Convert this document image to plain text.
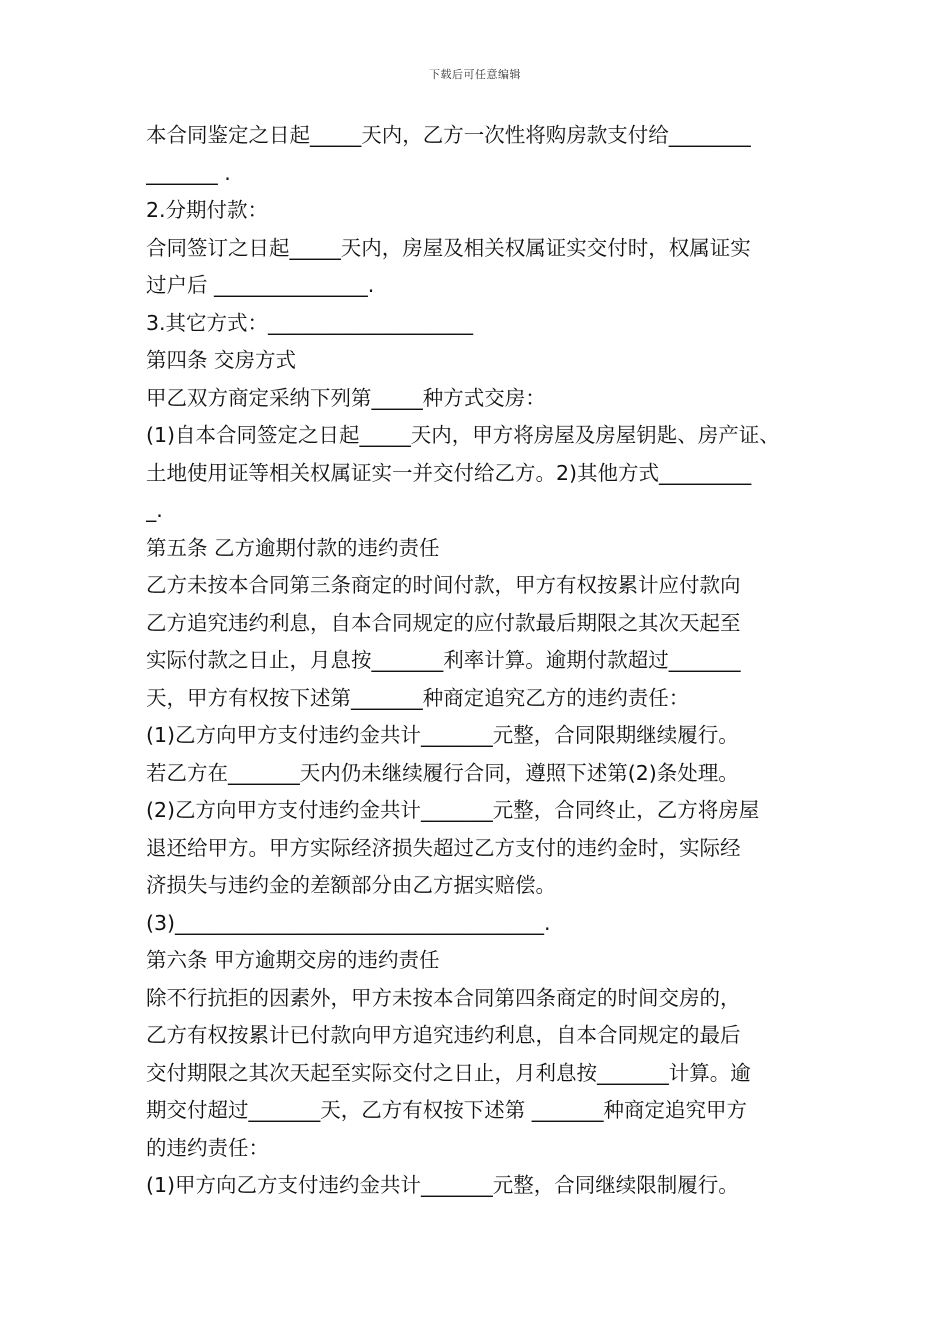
下载后可任意编辑
本合同鉴定之日起_____天内，乙方一次性将购房款支付给________
_______ .
2.分期付款：
合同签订之日起_____天内，房屋及相关权属证实交付时，权属证实
过户后 _______________.
3.其它方式：____________________
第四条 交房方式
甲乙双方商定采纳下列第_____种方式交房：
(1)自本合同签定之日起_____天内，甲方将房屋及房屋钥匙、房产证、
土地使用证等相关权属证实一并交付给乙方。2)其他方式_________
_.
第五条 乙方逾期付款的违约责任
乙方未按本合同第三条商定的时间付款，甲方有权按累计应付款向
乙方追究违约利息，自本合同规定的应付款最后期限之其次天起至
实际付款之日止，月息按_______利率计算。逾期付款超过_______
天，甲方有权按下述第_______种商定追究乙方的违约责任：
(1)乙方向甲方支付违约金共计_______元整，合同限期继续履行。
若乙方在_______天内仍未继续履行合同，遵照下述第(2)条处理。
(2)乙方向甲方支付违约金共计_______元整，合同终止，乙方将房屋
退还给甲方。甲方实际经济损失超过乙方支付的违约金时，实际经
济损失与违约金的差额部分由乙方据实赔偿。
(3)____________________________________.
第六条 甲方逾期交房的违约责任
除不行抗拒的因素外，甲方未按本合同第四条商定的时间交房的，
乙方有权按累计已付款向甲方追究违约利息，自本合同规定的最后
交付期限之其次天起至实际交付之日止，月利息按_______计算。逾
期交付超过_______天，乙方有权按下述第 _______种商定追究甲方
的违约责任：
(1)甲方向乙方支付违约金共计_______元整，合同继续限制履行。
